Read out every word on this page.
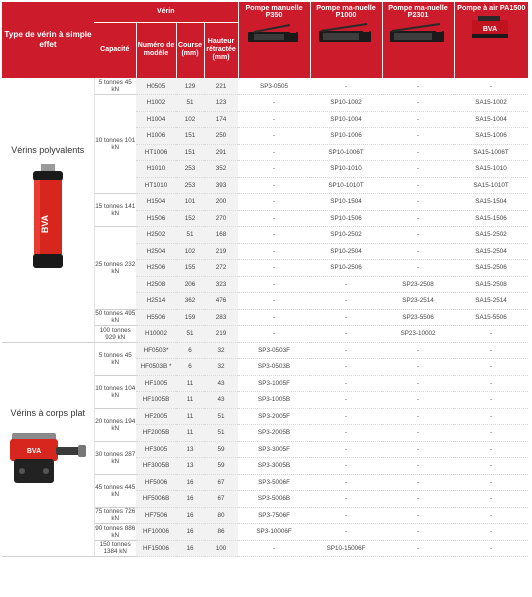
Type de vérin à simple effet	Vérin				Pompe manuelle P350	Pompe ma-nuelle P1000	Pompe ma-nuelle P2301	Pompe à air PA1500
BVA

	Capacité	Numéro de modèle	Course (mm)	Hauteur rétractée (mm)				

Vérins polyvalents
BVA	5 tonnes 45 kN	H0505	129	221	SP3-0505	-	-	-
	10 tonnes 101 kN	H1002	51	123	-	SP10-1002	-	SA15-1002
		H1004	102	174	-	SP10-1004	-	SA15-1004
		H1006	151	250	-	SP10-1006	-	SA15-1006
		HT1006	151	291	-	SP10-1006T	-	SA15-1006T
		H1010	253	352	-	SP10-1010	-	SA15-1010
		HT1010	253	393	-	SP10-1010T	-	SA15-1010T
	15 tonnes 141 kN	H1504	101	200	-	SP10-1504	-	SA15-1504
		H1506	152	270	-	SP10-1506	-	SA15-1506
	25 tonnes 232 kN	H2502	51	168	-	SP10-2502	-	SA15-2502
		H2504	102	219	-	SP10-2504	-	SA15-2504
		H2506	155	272	-	SP10-2506	-	SA15-2506
		H2508	206	323	-	-	SP23-2508	SA15-2508
		H2514	362	476	-	-	SP23-2514	SA15-2514
	50 tonnes 495 kN	H5506	159	283	-	-	SP23-5506	SA15-5506
	100 tonnes 929 kN	H10002	51	219	-	-	SP23-10002	-

Vérins à corps plat
BVA	5 tonnes 45 kN	HF0503*	6	32	SP3-0503F	-	-	-
		HF0503B *	6	32	SP3-0503B	-	-	-
	10 tonnes 104 kN	HF1005	11	43	SP3-1005F	-	-	-
		HF1005B	11	43	SP3-1005B	-	-	-
	20 tonnes 194 kN	HF2005	11	51	SP3-2005F	-	-	-
		HF2005B	11	51	SP3-2005B	-	-	-
	30 tonnes 287 kN	HF3005	13	59	SP3-3005F	-	-	-
		HF3005B	13	59	SP3-3005B	-	-	-
	45 tonnes 445 kN	HF5006	16	67	SP3-5006F	-	-	-
		HF5006B	16	67	SP3-5006B	-	-	-
	75 tonnes 726 kN	HF7506	16	80	SP3-7506F	-	-	-
	90 tonnes 886 kN	HF10006	16	86	SP3-10006F	-	-	-
	150 tonnes 1384 kN	HF15006	16	100	-	SP10-15006F	-	-
